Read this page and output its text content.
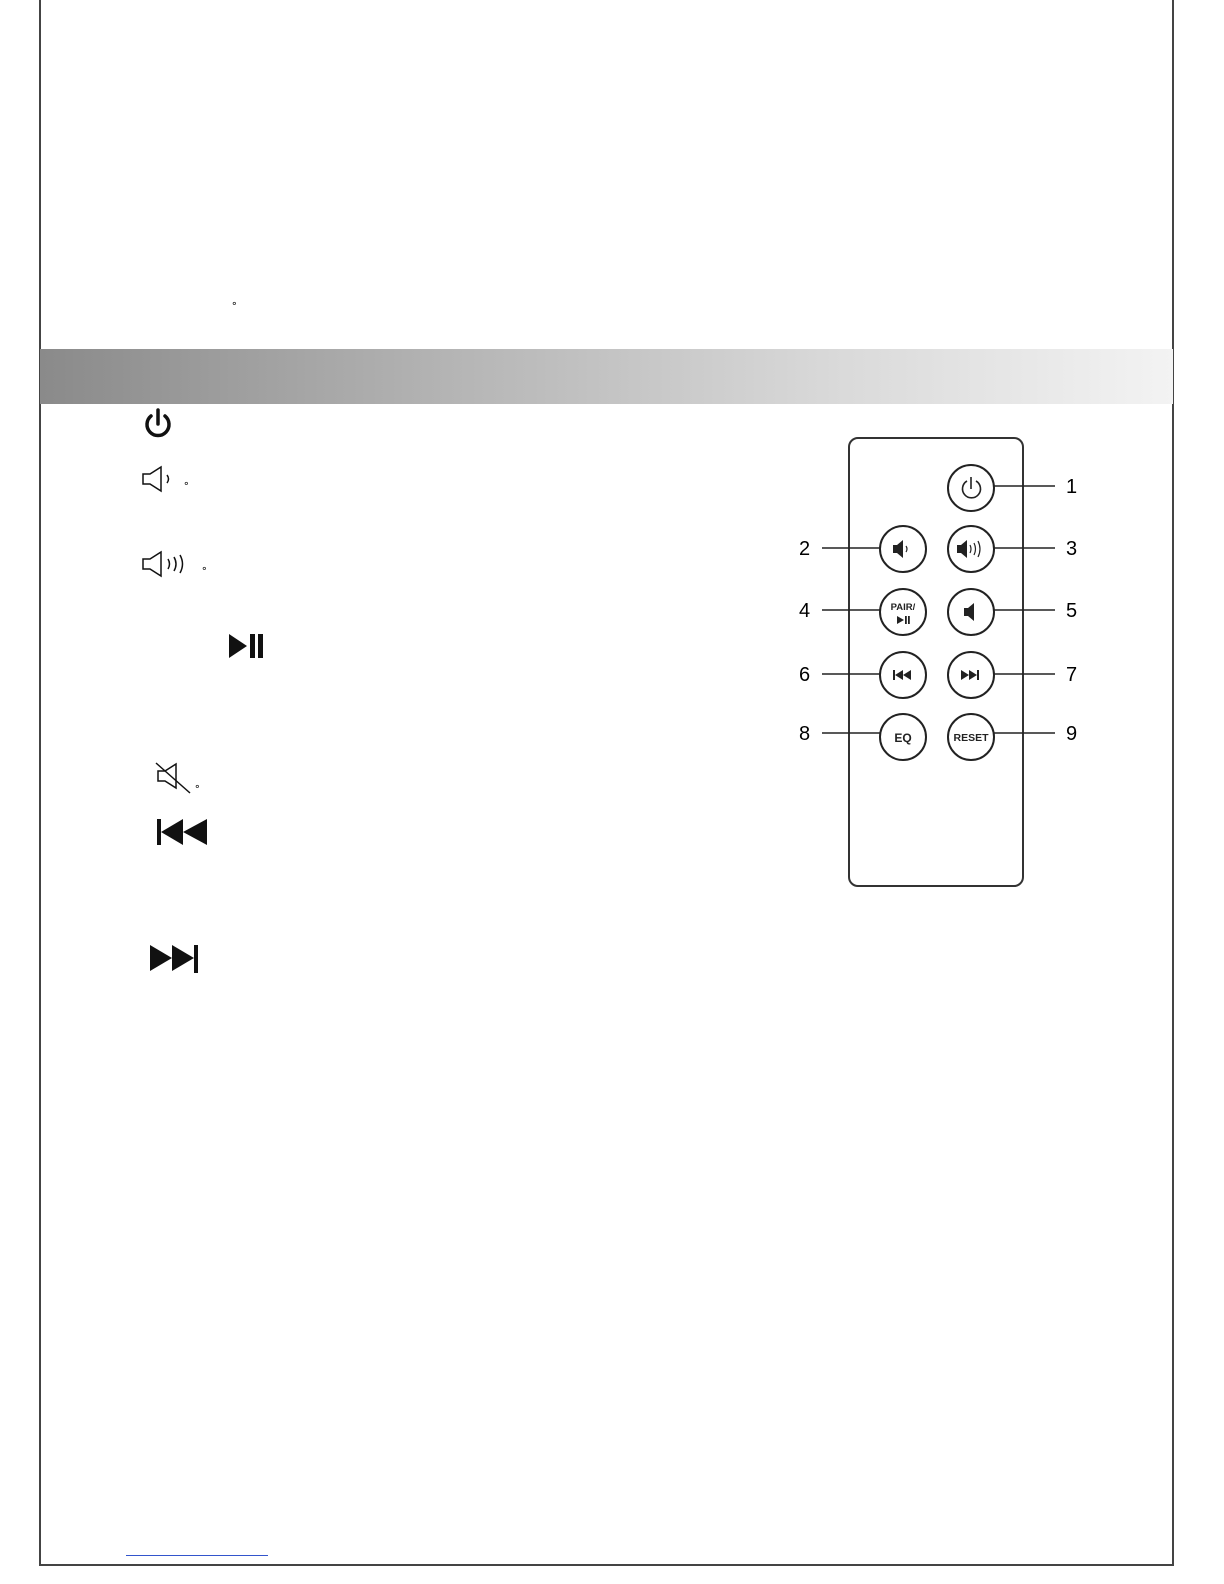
॰
॰
॰
॰
1
2	3
PAIR/
4	5
6	7
EQ
8	RESET	9
